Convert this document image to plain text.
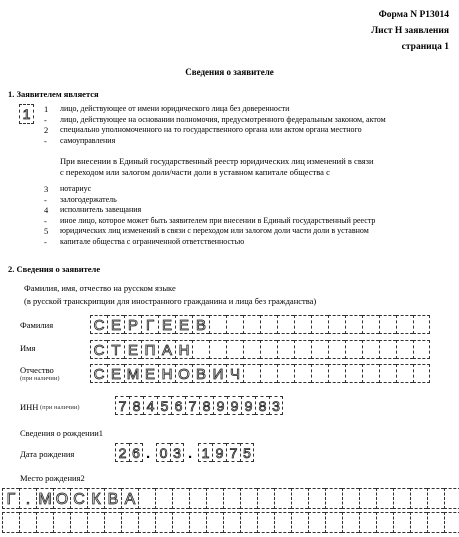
Форма N Р13014
Лист Н заявления
страница 1
Сведения о заявителе
1. Заявителем является
1	1 лицо, действующее от имени юридического лица без доверенности
- лицо, действующее на основании полномочия, предусмотренного федеральным законом, актом
2 специально уполномоченного на то государственного органа или актом органа местного
- самоуправления
При внесении в Единый государственный реестр юридических лиц изменений в связи
с переходом или залогом доли/части доли в уставном капитале общества с
3 нотариус
- залогодержатель
4 исполнитель завещания
- иное лицо, которое может быть заявителем при внесении в Единый государственный реестр
5 юридических лиц изменений в связи с переходом или залогом доли части доли в уставном
- капитале общества с ограниченной ответственностью
2. Сведения о заявителе
Фамилия, имя, отчество на русском языке
(в русской транскрипции для иностранного гражданина и лица без гражданства)
Фамилия	С Е Р Г Е Е В
Имя	С Т Е П А Н
Отчество
(при наличии) С Е М Е Н О В И Ч
ИНН (при наличии)	7 8 4 5 6 7 8 9 9 9 8 3
Сведения о рождении1
Дата рождения	2 6 . 0 3 . 1 9 7 5
Место рождения2
Г . М О С К В А
